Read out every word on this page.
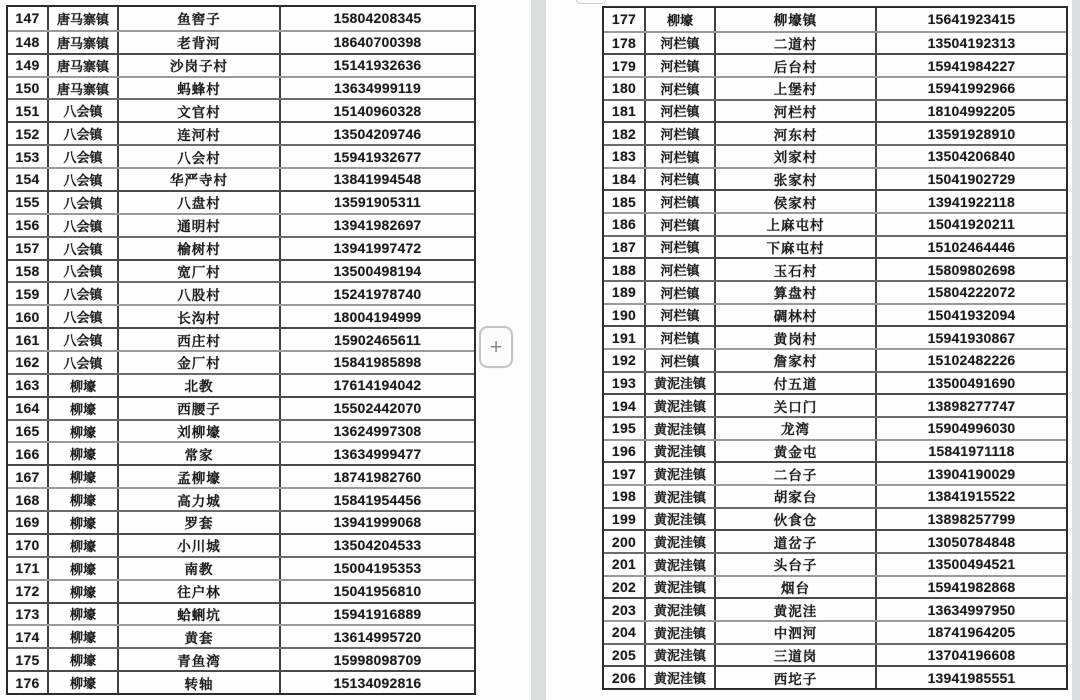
147	唐马寨镇	鱼窖子	15804208345
148	唐马寨镇	老背河	18640700398
149	唐马寨镇	沙岗子村	15141932636
150	唐马寨镇	蚂蜂村	13634999119
151	八会镇	文官村	15140960328
152	八会镇	连河村	13504209746
153	八会镇	八会村	15941932677
154	八会镇	华严寺村	13841994548
155	八会镇	八盘村	13591905311
156	八会镇	通明村	13941982697
157	八会镇	榆树村	13941997472
158	八会镇	宽厂村	13500498194
159	八会镇	八股村	15241978740
160	八会镇	长沟村	18004194999
161	八会镇	西庄村	15902465611
162	八会镇	金厂村	15841985898
163	柳壕	北教	17614194042
164	柳壕	西腰子	15502442070
165	柳壕	刘柳壕	13624997308
166	柳壕	常家	13634999477
167	柳壕	孟柳壕	18741982760
168	柳壕	高力城	15841954456
169	柳壕	罗套	13941999068
170	柳壕	小川城	13504204533
171	柳壕	南教	15004195353
172	柳壕	往户林	15041956810
173	柳壕	蛤蜊坑	15941916889
174	柳壕	黄套	13614995720
175	柳壕	青鱼湾	15998098709
176	柳壕	转轴	15134092816
177	柳壕	柳壕镇	15641923415
178	河栏镇	二道村	13504192313
179	河栏镇	后台村	15941984227
180	河栏镇	上堡村	15941992966
181	河栏镇	河栏村	18104992205
182	河栏镇	河东村	13591928910
183	河栏镇	刘家村	13504206840
184	河栏镇	张家村	15041902729
185	河栏镇	侯家村	13941922118
186	河栏镇	上麻屯村	15041920211
187	河栏镇	下麻屯村	15102464446
188	河栏镇	玉石村	15809802698
189	河栏镇	算盘村	15804222072
190	河栏镇	碉林村	15041932094
191	河栏镇	黄岗村	15941930867
192	河栏镇	詹家村	15102482226
193	黄泥洼镇	付五道	13500491690
194	黄泥洼镇	关口门	13898277747
195	黄泥洼镇	龙湾	15904996030
196	黄泥洼镇	黄金屯	15841971118
197	黄泥洼镇	二台子	13904190029
198	黄泥洼镇	胡家台	13841915522
199	黄泥洼镇	伙食仓	13898257799
200	黄泥洼镇	道岔子	13050784848
201	黄泥洼镇	头台子	13500494521
202	黄泥洼镇	烟台	15941982868
203	黄泥洼镇	黄泥洼	13634997950
204	黄泥洼镇	中泗河	18741964205
205	黄泥洼镇	三道岗	13704196608
206	黄泥洼镇	西坨子	13941985551
+
